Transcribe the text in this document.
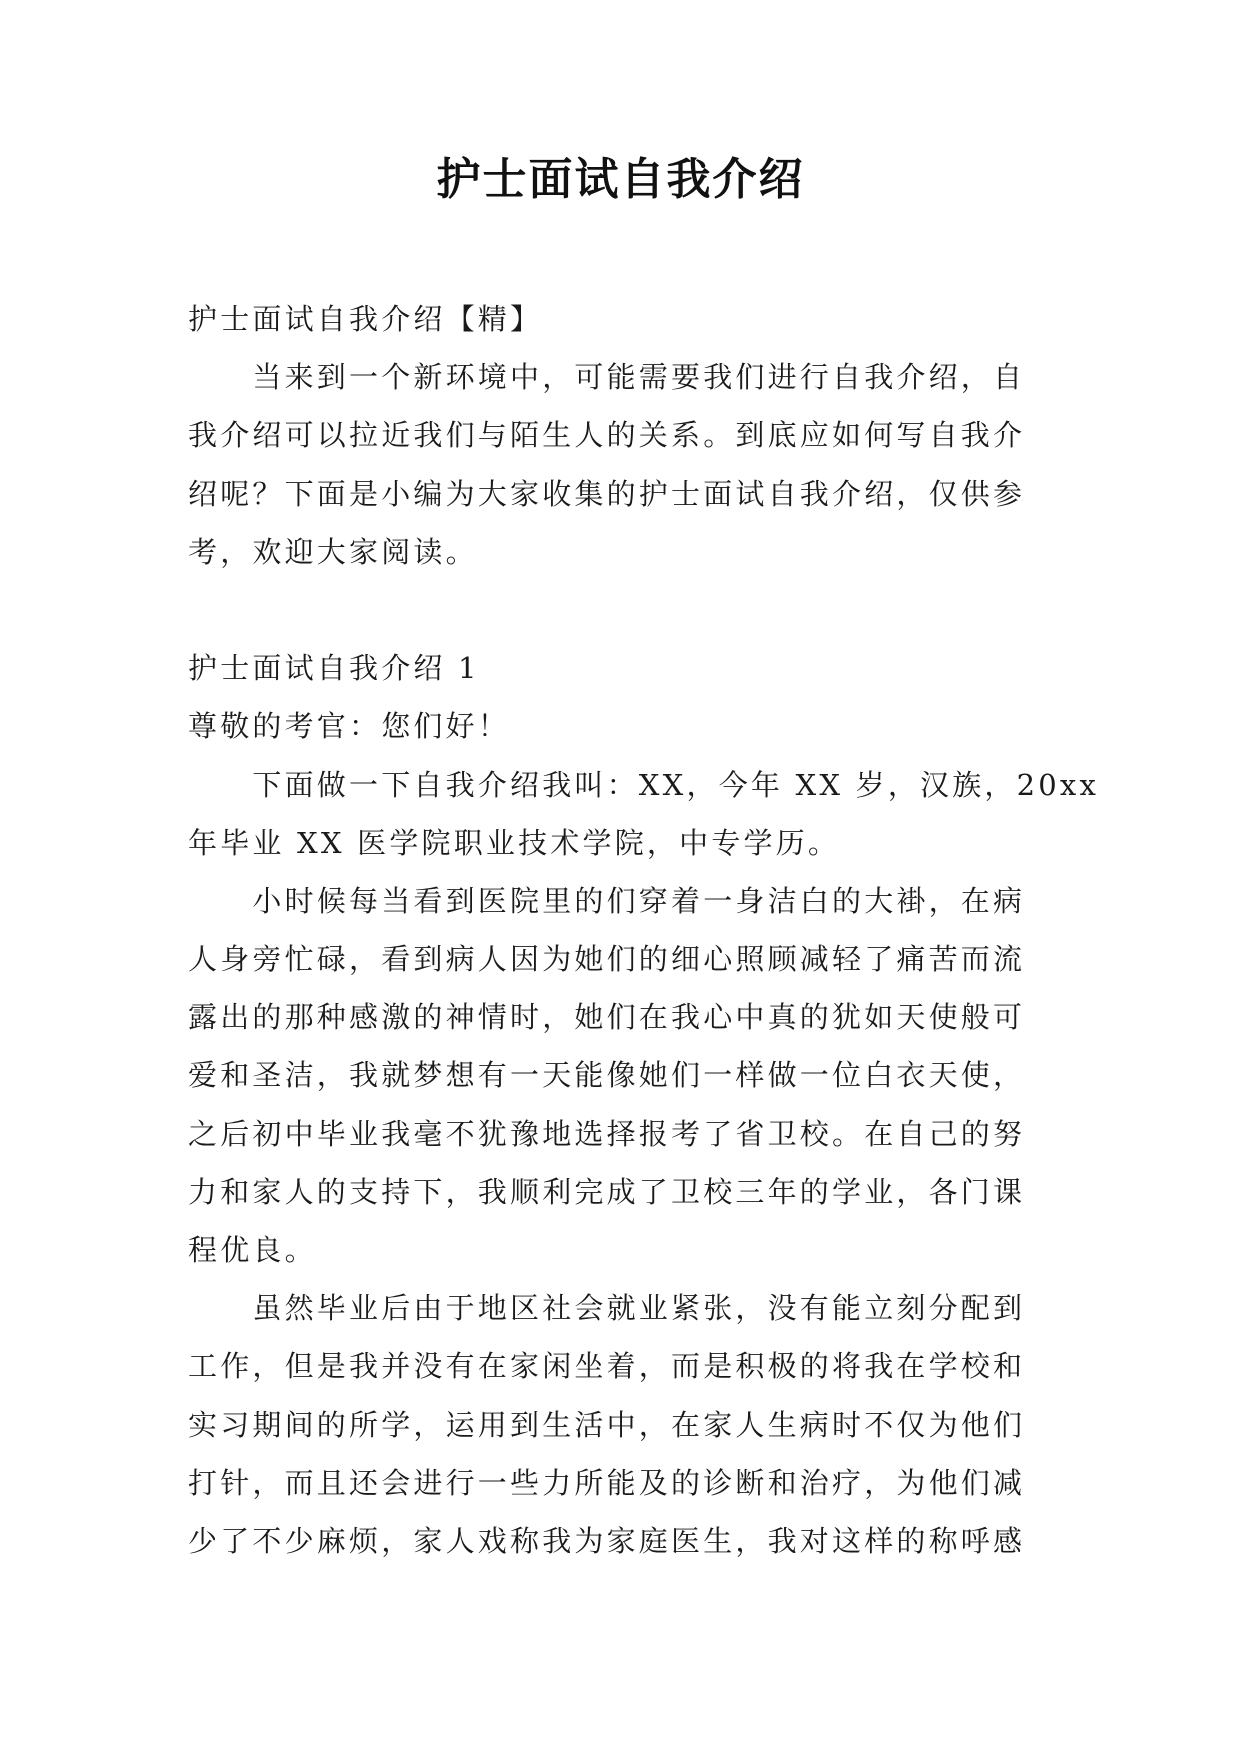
护士面试自我介绍
护士面试自我介绍【精】
　　当来到一个新环境中，可能需要我们进行自我介绍，自
我介绍可以拉近我们与陌生人的关系。到底应如何写自我介
绍呢？下面是小编为大家收集的护士面试自我介绍，仅供参
考，欢迎大家阅读。
护士面试自我介绍 1
尊敬的考官：您们好！
　　下面做一下自我介绍我叫：XX，今年 XX 岁，汉族，20xx
年毕业 XX 医学院职业技术学院，中专学历。
　　小时候每当看到医院里的们穿着一身洁白的大褂，在病
人身旁忙碌，看到病人因为她们的细心照顾减轻了痛苦而流
露出的那种感激的神情时，她们在我心中真的犹如天使般可
爱和圣洁，我就梦想有一天能像她们一样做一位白衣天使，
之后初中毕业我毫不犹豫地选择报考了省卫校。在自己的努
力和家人的支持下，我顺利完成了卫校三年的学业，各门课
程优良。
　　虽然毕业后由于地区社会就业紧张，没有能立刻分配到
工作，但是我并没有在家闲坐着，而是积极的将我在学校和
实习期间的所学，运用到生活中，在家人生病时不仅为他们
打针，而且还会进行一些力所能及的诊断和治疗，为他们减
少了不少麻烦，家人戏称我为家庭医生，我对这样的称呼感
